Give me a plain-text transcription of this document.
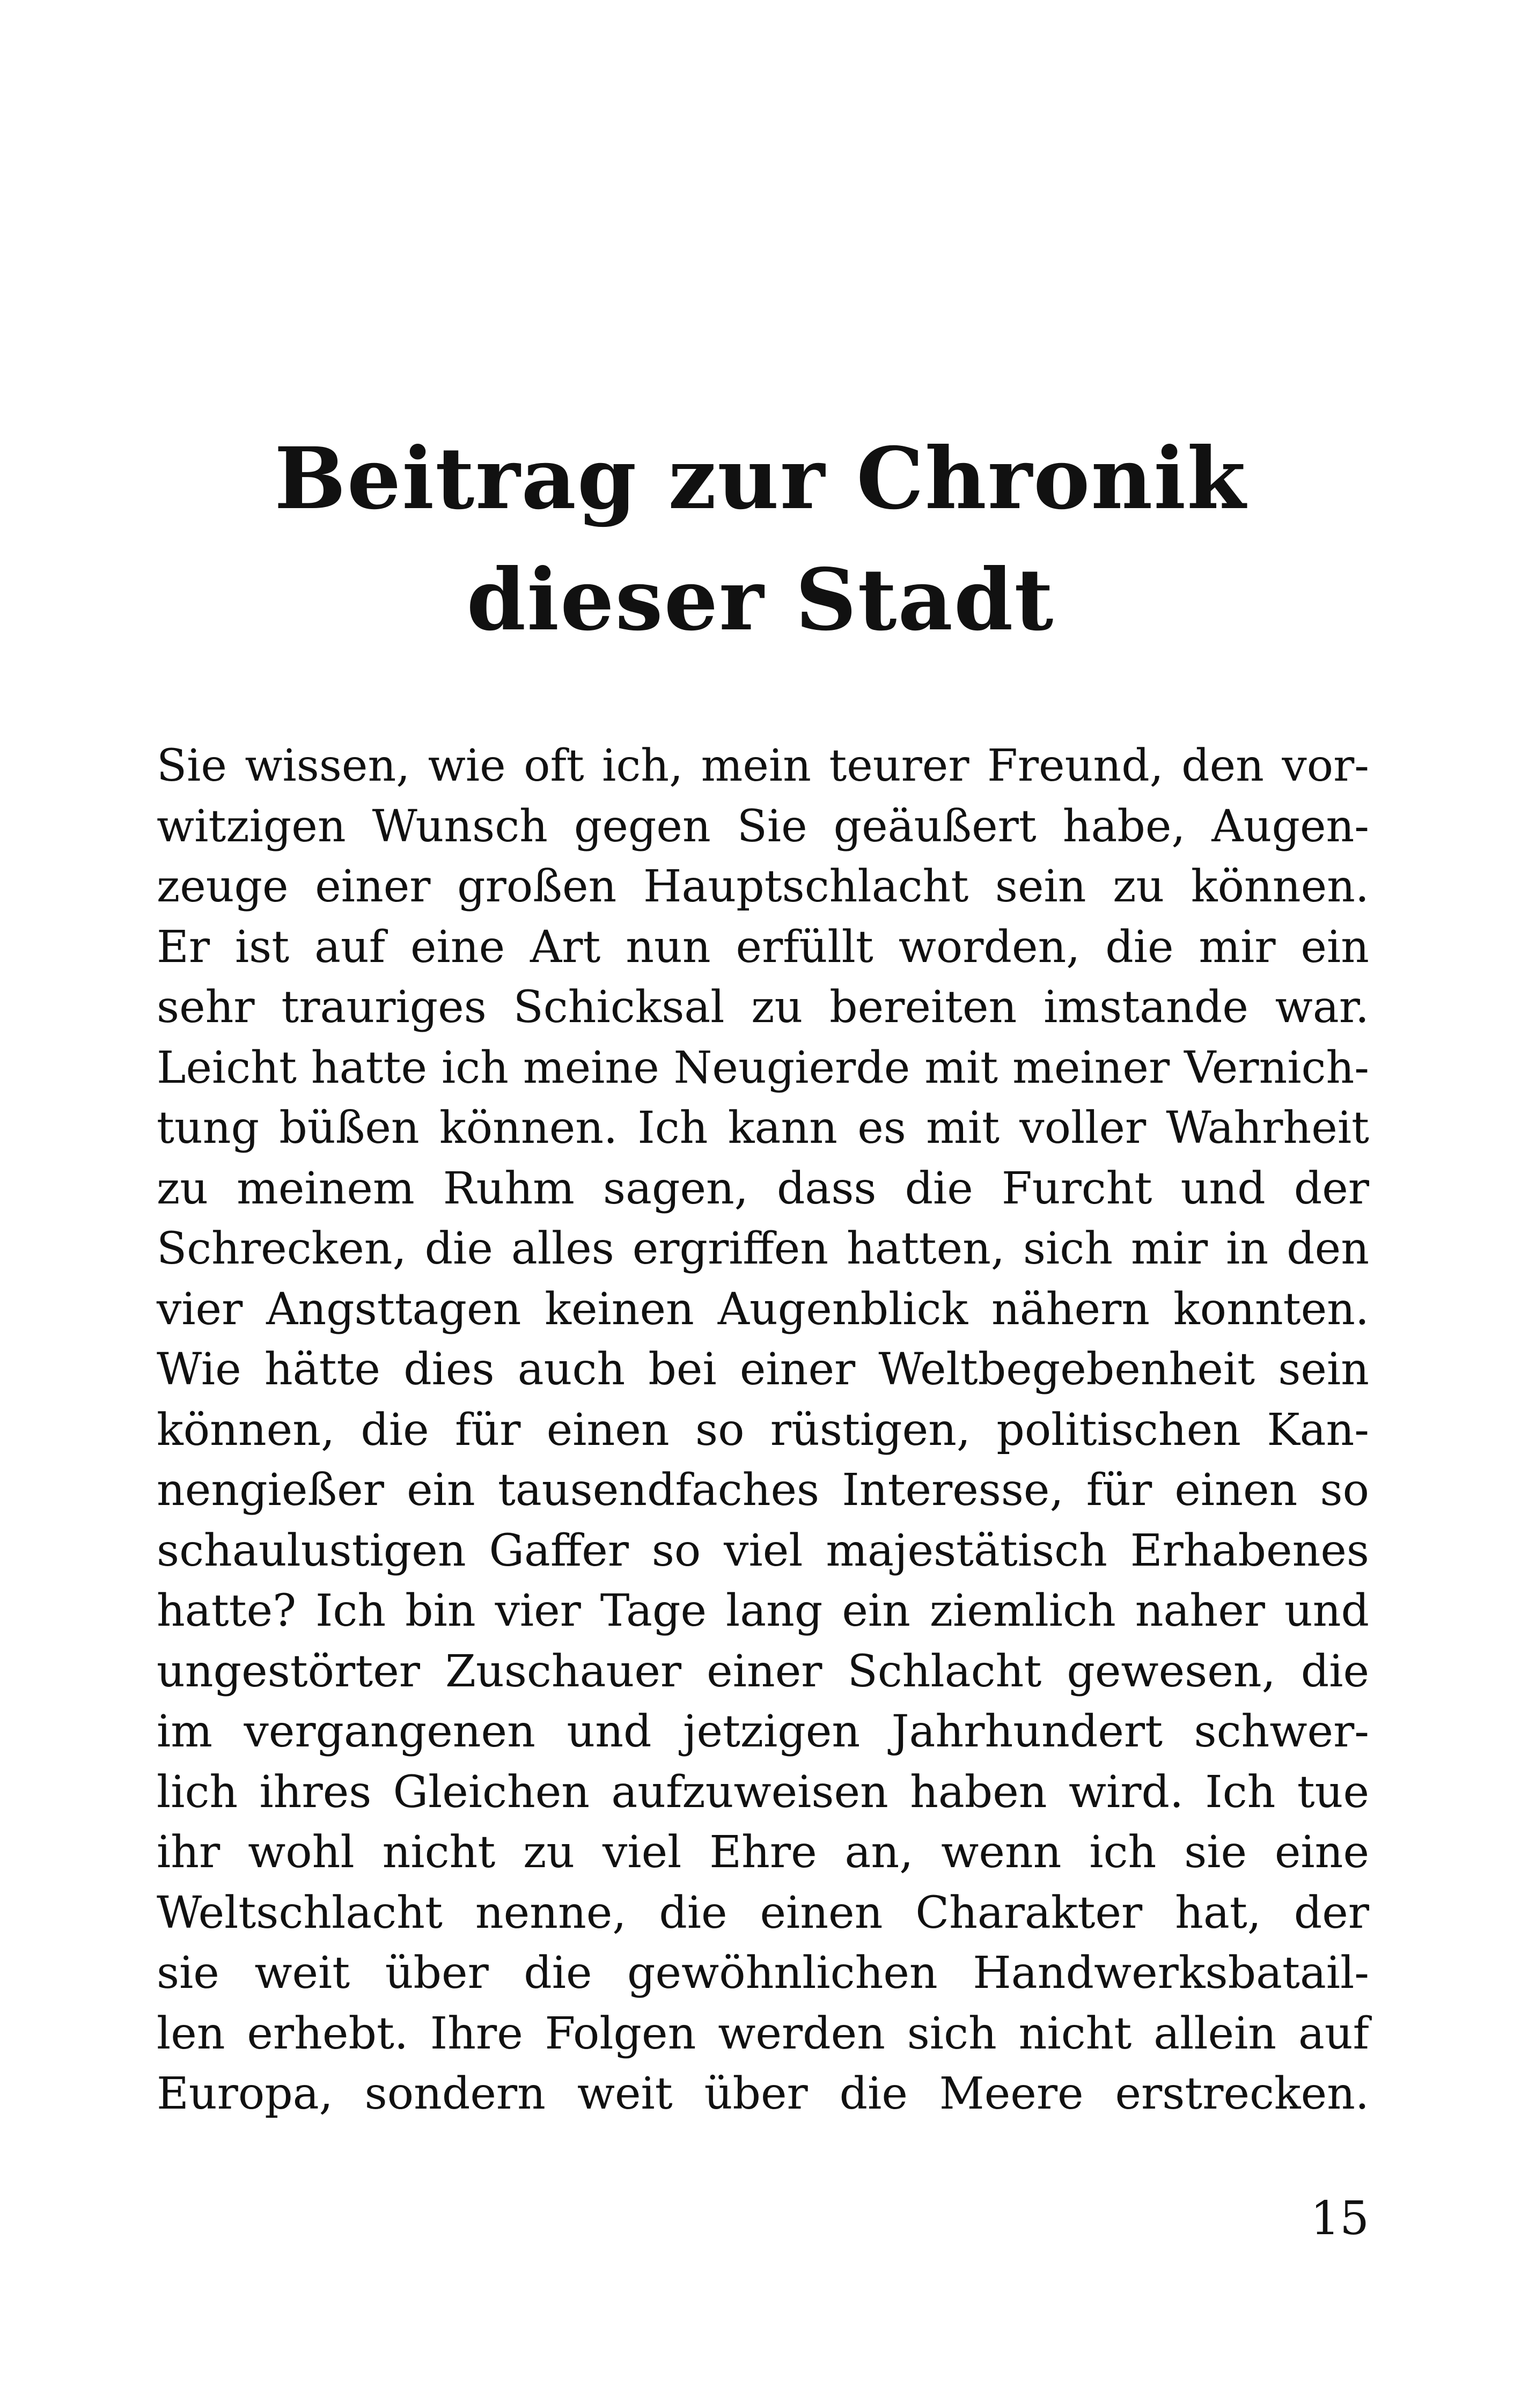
Beitrag zur Chronik
dieser Stadt
Sie wissen, wie oft ich, mein teurer Freund, den vor-
witzigen Wunsch gegen Sie geäußert habe, Augen-
zeuge einer großen Hauptschlacht sein zu können.
Er ist auf eine Art nun erfüllt worden, die mir ein
sehr trauriges Schicksal zu bereiten imstande war.
Leicht hatte ich meine Neugierde mit meiner Vernich-
tung büßen können. Ich kann es mit voller Wahrheit
zu meinem Ruhm sagen, dass die Furcht und der
Schrecken, die alles ergriffen hatten, sich mir in den
vier Angsttagen keinen Augenblick nähern konnten.
Wie hätte dies auch bei einer Weltbegebenheit sein
können, die für einen so rüstigen, politischen Kan-
nengießer ein tausendfaches Interesse, für einen so
schaulustigen Gaffer so viel majestätisch Erhabenes
hatte? Ich bin vier Tage lang ein ziemlich naher und
ungestörter Zuschauer einer Schlacht gewesen, die
im vergangenen und jetzigen Jahrhundert schwer-
lich ihres Gleichen aufzuweisen haben wird. Ich tue
ihr wohl nicht zu viel Ehre an, wenn ich sie eine
Weltschlacht nenne, die einen Charakter hat, der
sie weit über die gewöhnlichen Handwerksbatail-
len erhebt. Ihre Folgen werden sich nicht allein auf
Europa, sondern weit über die Meere erstrecken.
15
